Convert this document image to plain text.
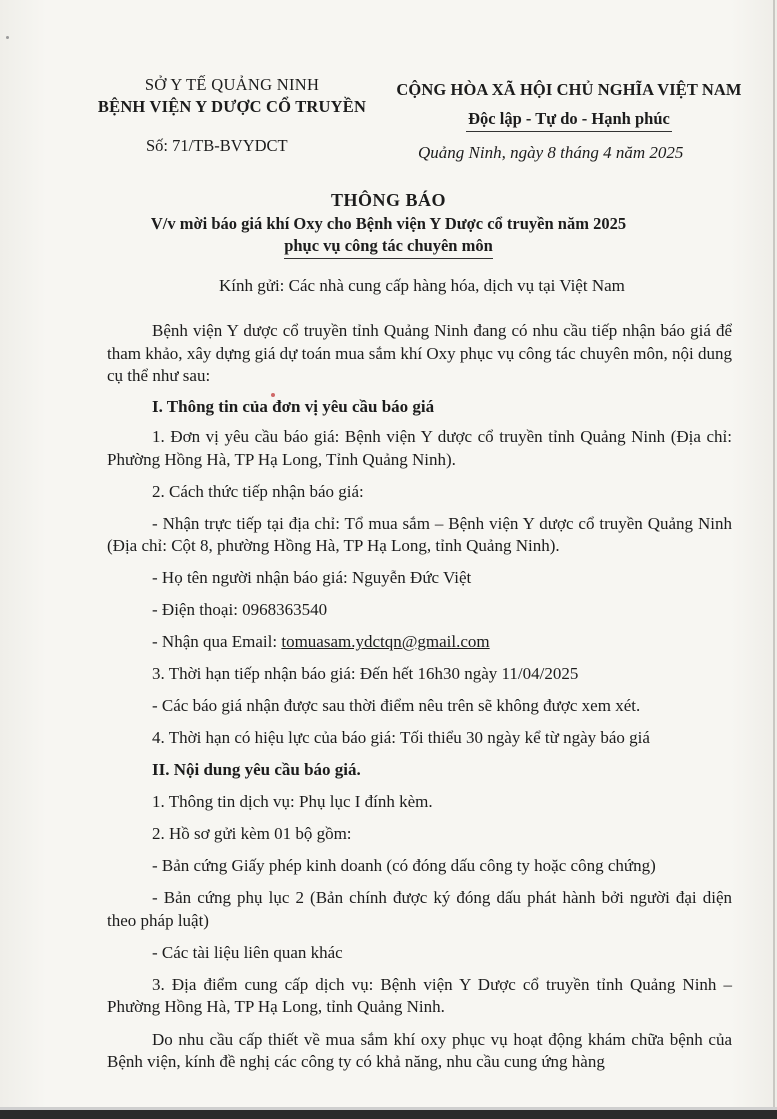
SỞ Y TẾ QUẢNG NINH
BỆNH VIỆN Y DƯỢC CỔ TRUYỀN
Số: 71/TB-BVYDCT
CỘNG HÒA XÃ HỘI CHỦ NGHĨA VIỆT NAM
Độc lập - Tự do - Hạnh phúc
Quảng Ninh, ngày 8 tháng 4 năm 2025
THÔNG BÁO
V/v mời báo giá khí Oxy cho Bệnh viện Y Dược cổ truyền năm 2025
phục vụ công tác chuyên môn
Kính gửi: Các nhà cung cấp hàng hóa, dịch vụ tại Việt Nam

Bệnh viện Y dược cổ truyền tỉnh Quảng Ninh đang có nhu cầu tiếp nhận báo giá để tham khảo, xây dựng giá dự toán mua sắm khí Oxy phục vụ công tác chuyên môn, nội dung cụ thể như sau:

I. Thông tin của đơn vị yêu cầu báo giá

1. Đơn vị yêu cầu báo giá: Bệnh viện Y dược cổ truyền tỉnh Quảng Ninh (Địa chỉ: Phường Hồng Hà, TP Hạ Long, Tỉnh Quảng Ninh).

2. Cách thức tiếp nhận báo giá:

- Nhận trực tiếp tại địa chỉ: Tổ mua sắm – Bệnh viện Y dược cổ truyền Quảng Ninh (Địa chỉ: Cột 8, phường Hồng Hà, TP Hạ Long, tỉnh Quảng Ninh).

- Họ tên người nhận báo giá: Nguyễn Đức Việt

- Điện thoại: 0968363540

- Nhận qua Email: tomuasam.ydctqn@gmail.com

3. Thời hạn tiếp nhận báo giá: Đến hết 16h30 ngày 11/04/2025

- Các báo giá nhận được sau thời điểm nêu trên sẽ không được xem xét.

4. Thời hạn có hiệu lực của báo giá: Tối thiểu 30 ngày kể từ ngày báo giá

II. Nội dung yêu cầu báo giá.

1. Thông tin dịch vụ: Phụ lục I đính kèm.

2. Hồ sơ gửi kèm 01 bộ gồm:

- Bản cứng Giấy phép kinh doanh (có đóng dấu công ty hoặc công chứng)

- Bản cứng phụ lục 2 (Bản chính được ký đóng dấu phát hành bởi người đại diện theo pháp luật)

- Các tài liệu liên quan khác

3. Địa điểm cung cấp dịch vụ: Bệnh viện Y Dược cổ truyền tỉnh Quảng Ninh – Phường Hồng Hà, TP Hạ Long, tỉnh Quảng Ninh.

Do nhu cầu cấp thiết về mua sắm khí oxy phục vụ hoạt động khám chữa bệnh của Bệnh viện, kính đề nghị các công ty có khả năng, nhu cầu cung ứng hàng
